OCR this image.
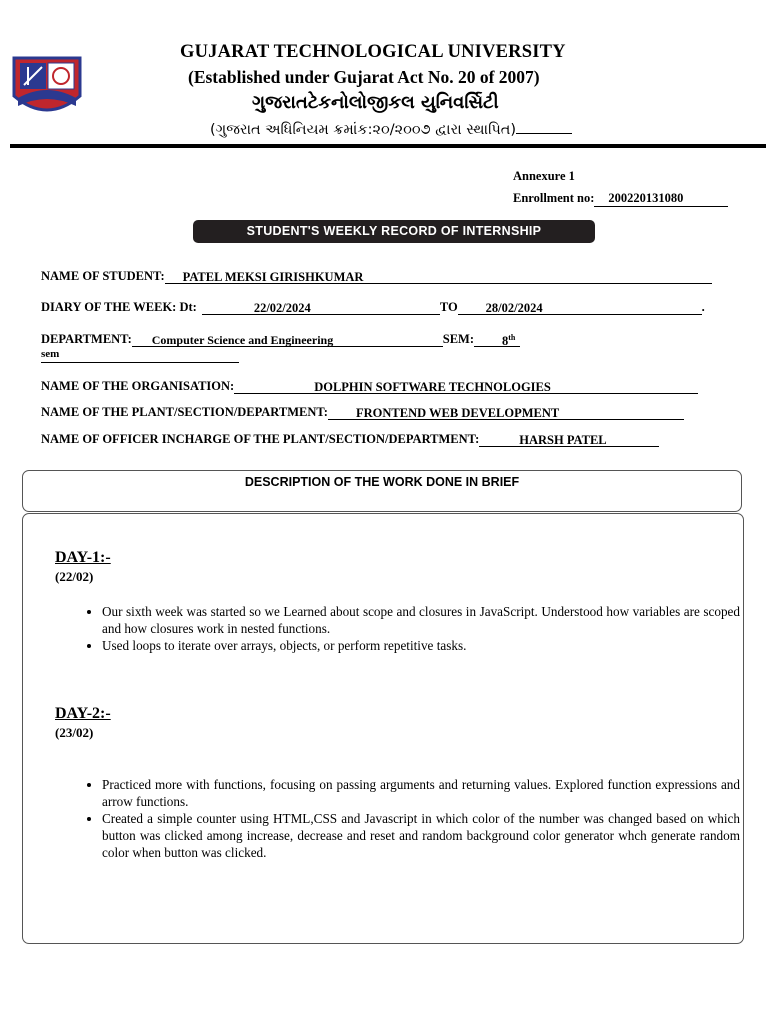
GUJARAT TECHNOLOGICAL UNIVERSITY
(Established under Gujarat Act No. 20 of 2007)
ગુજરાતટેકનોલોજીકલ યુનિવર્સિટી
(ગુજરાત અધિનિયમ ક્રમાંક:૨૦/૨૦૦૭ દ્વારા સ્થાપિત)
Annexure 1
Enrollment no: 200220131080
STUDENT'S WEEKLY RECORD OF INTERNSHIP
NAME OF STUDENT: PATEL MEKSI GIRISHKUMAR
DIARY OF THE WEEK: Dt:	22/02/2024	TO 28/02/2024	.
DEPARTMENT: Computer Science and Engineering	SEM: 8th
sem
NAME OF THE ORGANISATION:	DOLPHIN SOFTWARE TECHNOLOGIES
NAME OF THE PLANT/SECTION/DEPARTMENT: FRONTEND WEB DEVELOPMENT
NAME OF OFFICER INCHARGE OF THE PLANT/SECTION/DEPARTMENT:	HARSH PATEL
DESCRIPTION OF THE WORK DONE IN BRIEF
DAY-1:-
(22/02)
• Our sixth week was started so we Learned about scope and closures in JavaScript. Understood how variables are scoped and how closures work in nested functions.
• Used loops to iterate over arrays, objects, or perform repetitive tasks.
DAY-2:-
(23/02)
• Practiced more with functions, focusing on passing arguments and returning values. Explored function expressions and arrow functions.
• Created a simple counter using HTML,CSS and Javascript in which color of the number was changed based on which button was clicked among increase, decrease and reset and random background color generator whch generate random color when button was clicked.
